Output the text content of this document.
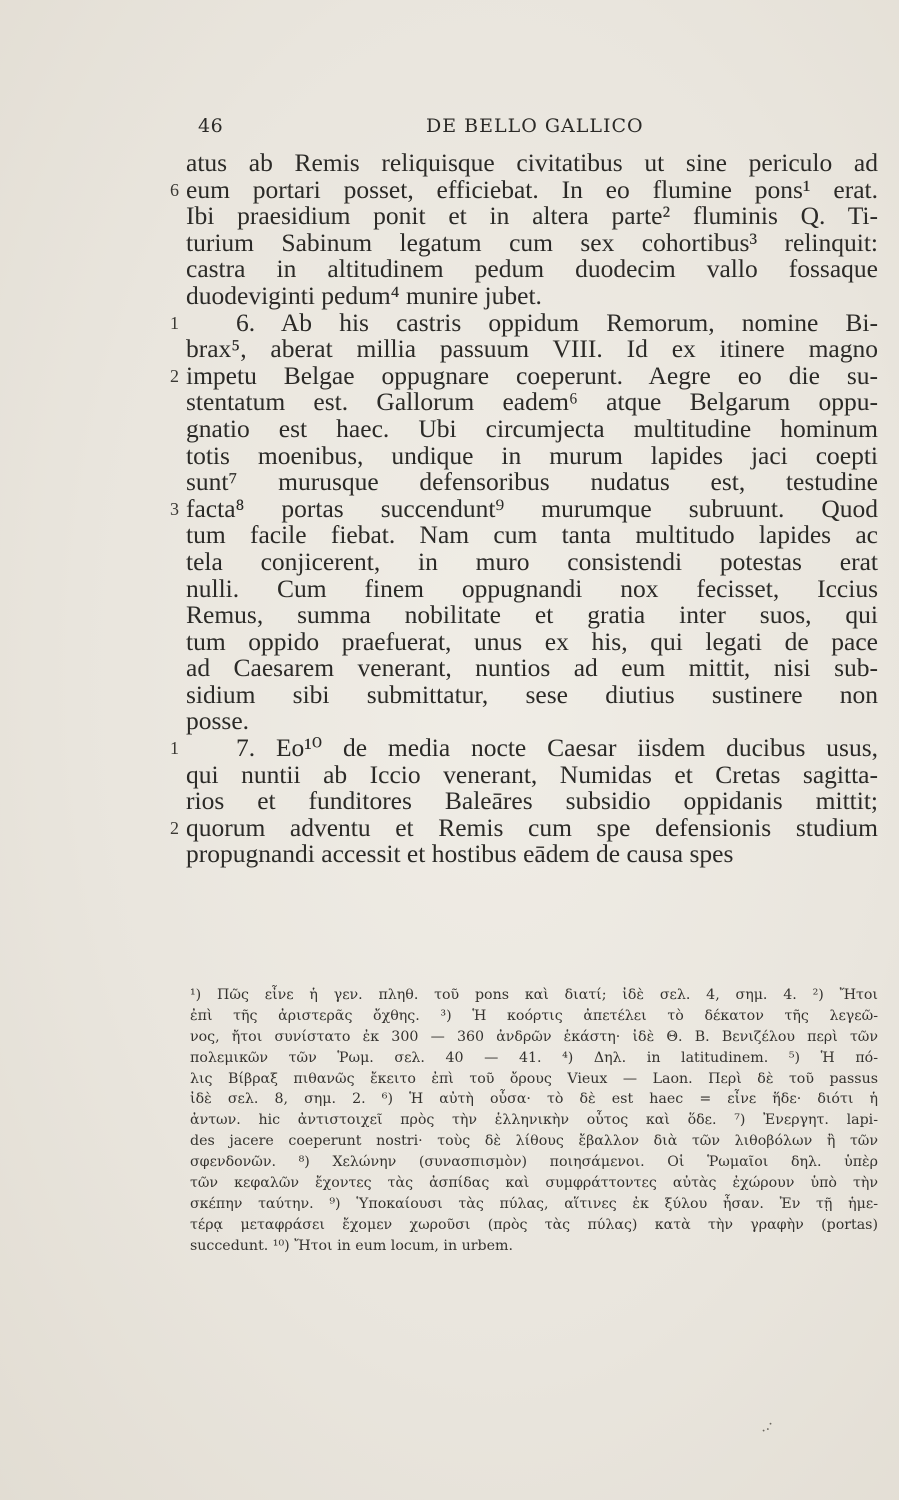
46	DE BELLO GALLICO
atus ab Remis reliquisque civitatibus ut sine periculo ad
6 eum portari posset, efficiebat. In eo flumine pons¹ erat.
Ibi praesidium ponit et in altera parte² fluminis Q. Ti-
turium Sabinum legatum cum sex cohortibus³ relinquit:
castra in altitudinem pedum duodecim vallo fossaque
duodeviginti pedum⁴ munire jubet.
1 6. Ab his castris oppidum Remorum, nomine Bi-
brax⁵, aberat millia passuum VIII. Id ex itinere magno
2 impetu Belgae oppugnare coeperunt. Aegre eo die su-
stentatum est. Gallorum eadem⁶ atque Belgarum oppu-
gnatio est haec. Ubi circumjecta multitudine hominum
totis moenibus, undique in murum lapides jaci coepti
sunt⁷ murusque defensoribus nudatus est, testudine
3 facta⁸ portas succendunt⁹ murumque subruunt. Quod
tum facile fiebat. Nam cum tanta multitudo lapides ac
tela conjicerent, in muro consistendi potestas erat
nulli. Cum finem oppugnandi nox fecisset, Iccius
Remus, summa nobilitate et gratia inter suos, qui
tum oppido praefuerat, unus ex his, qui legati de pace
ad Caesarem venerant, nuntios ad eum mittit, nisi sub-
sidium sibi submittatur, sese diutius sustinere non
posse.
1 7. Eo¹⁰ de media nocte Caesar iisdem ducibus usus,
qui nuntii ab Iccio venerant, Numidas et Cretas sagitta-
rios et funditores Baleāres subsidio oppidanis mittit;
2 quorum adventu et Remis cum spe defensionis studium
propugnandi accessit et hostibus eādem de causa spes
¹) Πῶς εἶνε ἡ γεν. πληθ. τοῦ pons καὶ διατί; ἰδὲ σελ. 4, σημ. 4. ²) Ἤτοι
ἐπὶ τῆς ἀριστερᾶς ὄχθης. ³) Ἡ κοόρτις ἀπετέλει τὸ δέκατον τῆς λεγεῶ-
νος, ἤτοι συνίστατο ἐκ 300 — 360 ἀνδρῶν ἑκάστη· ἰδὲ Θ. Β. Βενιζέλου περὶ τῶν
πολεμικῶν τῶν Ῥωμ. σελ. 40 — 41. ⁴) Δηλ. in latitudinem. ⁵) Ἡ πό-
λις Βίβραξ πιθανῶς ἔκειτο ἐπὶ τοῦ ὄρους Vieux — Laon. Περὶ δὲ τοῦ passus
ἰδὲ σελ. 8, σημ. 2. ⁶) Ἡ αὐτὴ οὖσα· τὸ δὲ est haec = εἶνε ἥδε· διότι ἡ
ἀντων. hic ἀντιστοιχεῖ πρὸς τὴν ἑλληνικὴν οὗτος καὶ ὅδε. ⁷) Ἐνεργητ. lapi-
des jacere coeperunt nostri· τοὺς δὲ λίθους ἔβαλλον διὰ τῶν λιθοβόλων ἢ τῶν
σφενδονῶν. ⁸) Χελώνην (συνασπισμὸν) ποιησάμενοι. Οἱ Ῥωμαῖοι δηλ. ὑπὲρ
τῶν κεφαλῶν ἔχοντες τὰς ἀσπίδας καὶ συμφράττοντες αὐτὰς ἐχώρουν ὑπὸ τὴν
σκέπην ταύτην. ⁹) Ὑποκαίουσι τὰς πύλας, αἵτινες ἐκ ξύλου ἦσαν. Ἐν τῇ ἡμε-
τέρᾳ μεταφράσει ἔχομεν χωροῦσι (πρὸς τὰς πύλας) κατὰ τὴν γραφὴν (portas)
succedunt. ¹⁰) Ἤτοι in eum locum, in urbem.
..·
